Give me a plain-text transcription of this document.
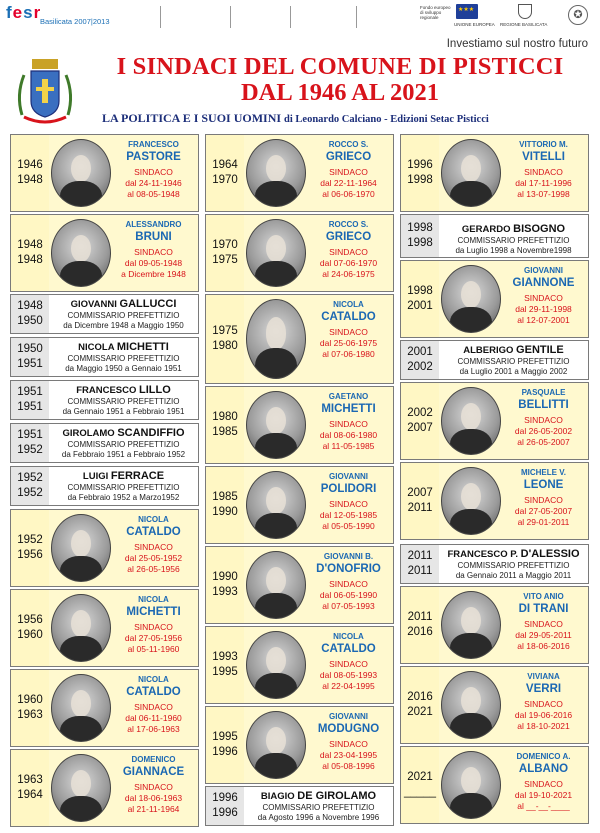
fesr
Basilicata 2007|2013
Fondo europeo di sviluppo regionale
★★★
UNIONE EUROPEA REGIONE BASILICATA
✪
Investiamo sul nostro futuro
I SINDACI DEL COMUNE DI PISTICCI
DAL 1946 AL 2021
LA POLITICA E I SUOI UOMINI di Leonardo Calciano - Edizioni Setac Pisticci
1946
1948
FRANCESCO
PASTORE
SINDACO
dal 24-11-1946
al 08-05-1948
1948
1948
ALESSANDRO
BRUNI
SINDACO
dal 09-05-1948
a Dicembre 1948
1948
1950
GIOVANNI GALLUCCI
COMMISSARIO PREFETTIZIO
da Dicembre 1948 a Maggio 1950
1950
1951
NICOLA MICHETTI
COMMISSARIO PREFETTIZIO
da Maggio 1950 a Gennaio 1951
1951
1951
FRANCESCO LILLO
COMMISSARIO PREFETTIZIO
da Gennaio 1951 a Febbraio 1951
1951
1952
GIROLAMO SCANDIFFIO
COMMISSARIO PREFETTIZIO
da Febbraio 1951 a Febbraio 1952
1952
1952
LUIGI FERRACE
COMMISSARIO PREFETTIZIO
da Febbraio 1952 a Marzo1952
1952
1956
NICOLA
CATALDO
SINDACO
dal 25-05-1952
al 26-05-1956
1956
1960
NICOLA
MICHETTI
SINDACO
dal 27-05-1956
al 05-11-1960
1960
1963
NICOLA
CATALDO
SINDACO
dal 06-11-1960
al 17-06-1963
1963
1964
DOMENICO
GIANNACE
SINDACO
dal 18-06-1963
al 21-11-1964
1964
1970
ROCCO S.
GRIECO
SINDACO
dal 22-11-1964
al 06-06-1970
1970
1975
ROCCO S.
GRIECO
SINDACO
dal 07-06-1970
al 24-06-1975
1975
1980
NICOLA
CATALDO
SINDACO
dal 25-06-1975
al 07-06-1980
1980
1985
GAETANO
MICHETTI
SINDACO
dal 08-06-1980
al 11-05-1985
1985
1990
GIOVANNI
POLIDORI
SINDACO
dal 12-05-1985
al 05-05-1990
1990
1993
GIOVANNI B.
D'ONOFRIO
SINDACO
dal 06-05-1990
al 07-05-1993
1993
1995
NICOLA
CATALDO
SINDACO
dal 08-05-1993
al 22-04-1995
1995
1996
GIOVANNI
MODUGNO
SINDACO
dal 23-04-1995
al 05-08-1996
1996
1996
BIAGIO DE GIROLAMO
COMMISSARIO PREFETTIZIO
da Agosto 1996 a Novembre 1996
1996
1998
VITTORIO M.
VITELLI
SINDACO
dal 17-11-1996
al 13-07-1998
1998
1998
GERARDO BISOGNO
COMMISSARIO PREFETTIZIO
da Luglio 1998 a Novembre1998
1998
2001
GIOVANNI
GIANNONE
SINDACO
dal 29-11-1998
al 12-07-2001
2001
2002
ALBERIGO GENTILE
COMMISSARIO PREFETTIZIO
da Luglio 2001 a Maggio 2002
2002
2007
PASQUALE
BELLITTI
SINDACO
dal 26-05-2002
al 26-05-2007
2007
2011
MICHELE V.
LEONE
SINDACO
dal 27-05-2007
al 29-01-2011
2011
2011
FRANCESCO P. D'ALESSIO
COMMISSARIO PREFETTIZIO
da Gennaio 2011 a Maggio 2011
2011
2016
VITO ANIO
DI TRANI
SINDACO
dal 29-05-2011
al 18-06-2016
2016
2021
VIVIANA
VERRI
SINDACO
dal 19-06-2016
al 18-10-2021
2021
_____
DOMENICO A.
ALBANO
SINDACO
dal 19-10-2021
al __-__-____
